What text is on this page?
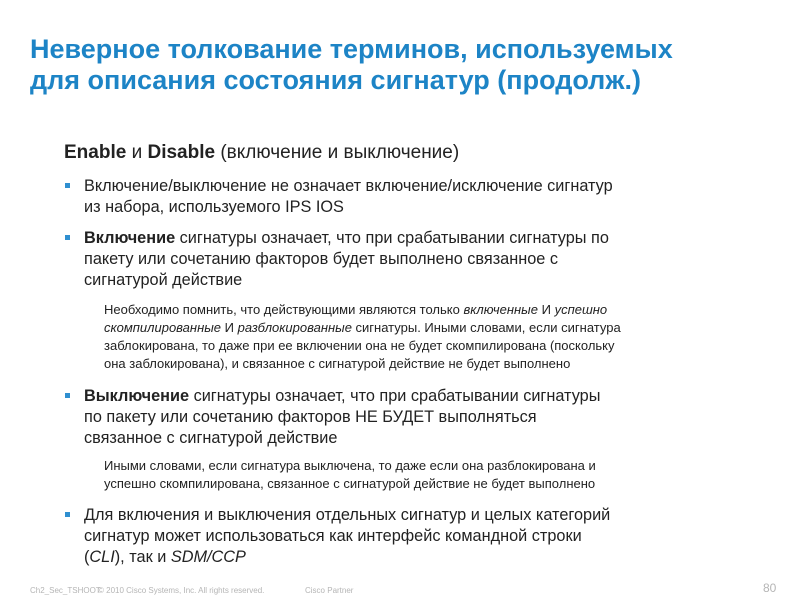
Неверное толкование терминов, используемых
для описания состояния сигнатур (продолж.)
Enable и Disable (включение и выключение)
Включение/выключение не означает включение/исключение сигнатур
из набора, используемого IPS IOS
Включение сигнатуры означает, что при срабатывании сигнатуры по
пакету или сочетанию факторов будет выполнено связанное с
сигнатурой действие
Необходимо помнить, что действующими являются только включенные И успешно
скомпилированные И разблокированные сигнатуры. Иными словами, если сигнатура
заблокирована, то даже при ее включении она не будет скомпилирована (поскольку
она заблокирована), и связанное с сигнатурой действие не будет выполнено
Выключение сигнатуры означает, что при срабатывании сигнатуры
по пакету или сочетанию факторов НЕ БУДЕТ выполняться
связанное с сигнатурой действие
Иными словами, если сигнатура выключена, то даже если она разблокирована и
успешно скомпилирована, связанное с сигнатурой действие не будет выполнено
Для включения и выключения отдельных сигнатур и целых категорий
сигнатур может использоваться как интерфейс командной строки
(CLI), так и SDM/CCP
Ch2_Sec_TSHOOT
© 2010 Cisco Systems, Inc. All rights reserved.	Cisco Partner	80
